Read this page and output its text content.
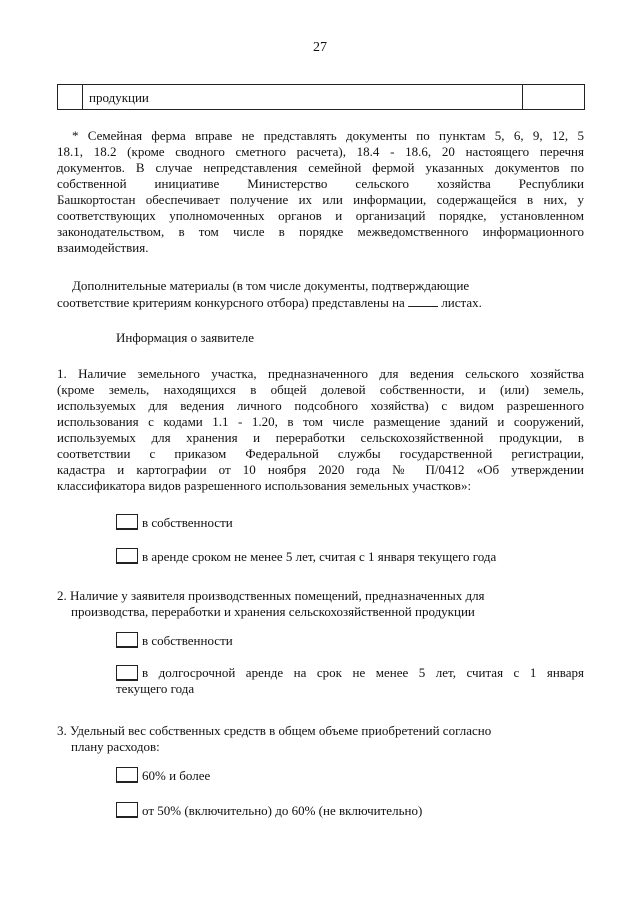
27
продукции
* Семейная ферма вправе не представлять документы по пунктам 5, 6, 9, 12, 5
18.1, 18.2 (кроме сводного сметного расчета), 18.4 - 18.6, 20 настоящего перечня
документов. В случае непредставления семейной фермой указанных документов по
собственной инициативе Министерство сельского хозяйства Республики
Башкортостан обеспечивает получение их или информации, содержащейся в них, у
соответствующих уполномоченных органов и организаций порядке, установленном
законодательством, в том числе в порядке межведомственного информационного
взаимодействия.
Дополнительные материалы (в том числе документы, подтверждающие
соответствие критериям конкурсного отбора) представлены на  листах.
Информация о заявителе
1. Наличие земельного участка, предназначенного для ведения сельского хозяйства
(кроме земель, находящихся в общей долевой собственности, и (или) земель,
используемых для ведения личного подсобного хозяйства) с видом разрешенного
использования с кодами 1.1 - 1.20, в том числе размещение зданий и сооружений,
используемых для хранения и переработки сельскохозяйственной продукции, в
соответствии с приказом Федеральной службы государственной регистрации,
кадастра и картографии от 10 ноября 2020 года № П/0412 «Об утверждении
классификатора видов разрешенного использования земельных участков»:
в собственности
в аренде сроком не менее 5 лет, считая с 1 января текущего года
2. Наличие у заявителя производственных помещений, предназначенных для
производства, переработки и хранения сельскохозяйственной продукции
в собственности
в долгосрочной аренде на срок не менее 5 лет, считая с 1 января
текущего года
3. Удельный вес собственных средств в общем объеме приобретений согласно
плану расходов:
60% и более
от 50% (включительно) до 60% (не включительно)
